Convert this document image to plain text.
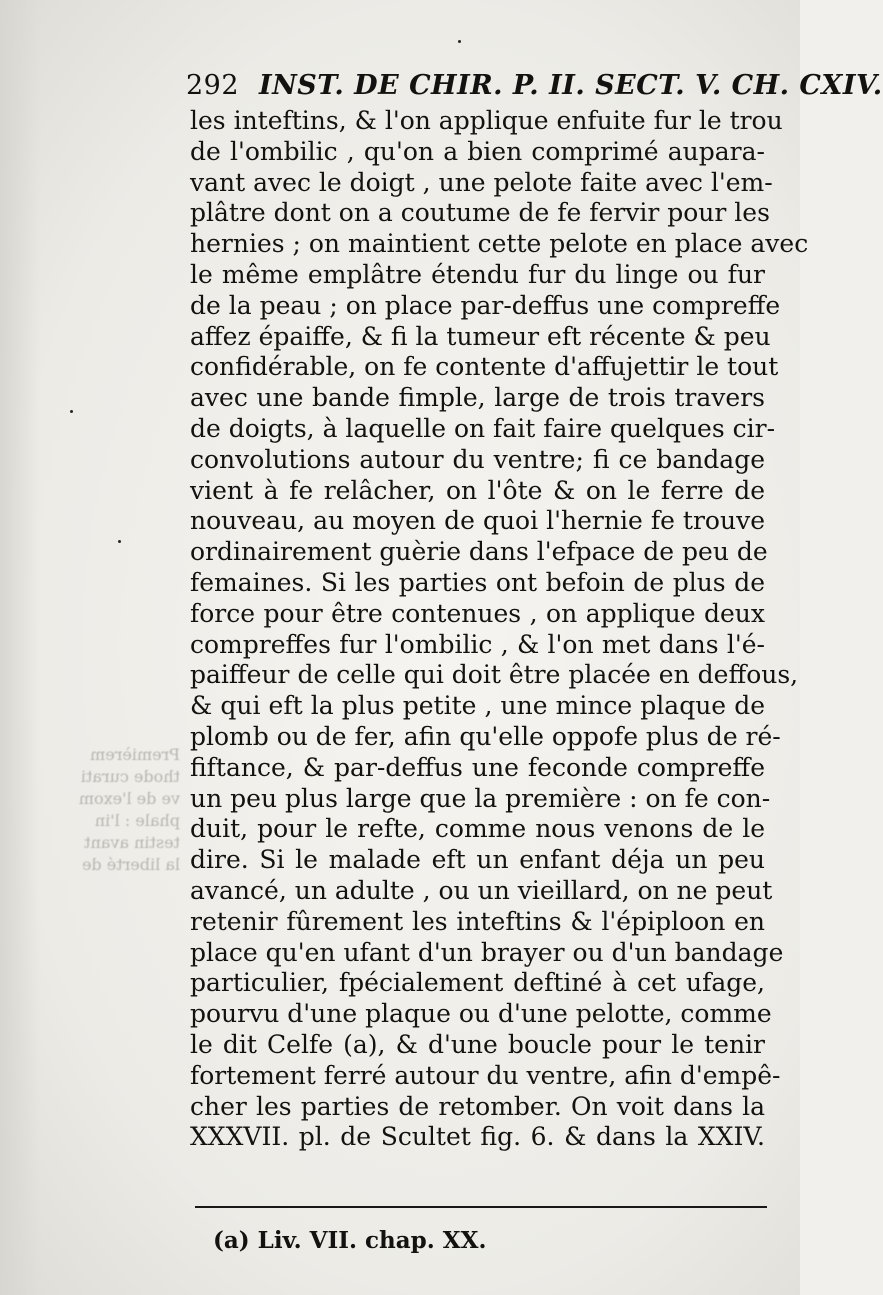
292 INST. DE CHIR. P. II. SECT. V. CH. CXIV.
les inteftins, & l'on applique enfuite fur le trou
de l'ombilic , qu'on a bien comprimé aupara-
vant avec le doigt , une pelote faite avec l'em-
plâtre dont on a coutume de fe fervir pour les
hernies ; on maintient cette pelote en place avec
le même emplâtre étendu fur du linge ou fur
de la peau ; on place par-deffus une compreffe
affez épaiffe, & fi la tumeur eft récente & peu
confidérable, on fe contente d'affujettir le tout
avec une bande fimple, large de trois travers
de doigts, à laquelle on fait faire quelques cir-
convolutions autour du ventre; fi ce bandage
vient à fe relâcher, on l'ôte & on le ferre de
nouveau, au moyen de quoi l'hernie fe trouve
ordinairement guèrie dans l'efpace de peu de
femaines. Si les parties ont befoin de plus de
force pour être contenues , on applique deux
compreffes fur l'ombilic , & l'on met dans l'é-
paiffeur de celle qui doit être placée en deffous,
& qui eft la plus petite , une mince plaque de
plomb ou de fer, afin qu'elle oppofe plus de ré-
fiftance, & par-deffus une feconde compreffe
un peu plus large que la première : on fe con-
duit, pour le refte, comme nous venons de le
dire. Si le malade eft un enfant déja un peu
avancé, un adulte , ou un vieillard, on ne peut
retenir fûrement les inteftins & l'épiploon en
place qu'en ufant d'un brayer ou d'un bandage
particulier, fpécialement deftiné à cet ufage,
pourvu d'une plaque ou d'une pelotte, comme
le dit Celfe (a), & d'une boucle pour le tenir
fortement ferré autour du ventre, afin d'empê-
cher les parties de retomber. On voit dans la
XXXVII. pl. de Scultet fig. 6. & dans la XXIV.
Premièrem
thode curati
ve de l'exom
phale : l'in
testin avant
la liberté de
(a) Liv. VII. chap. XX.
